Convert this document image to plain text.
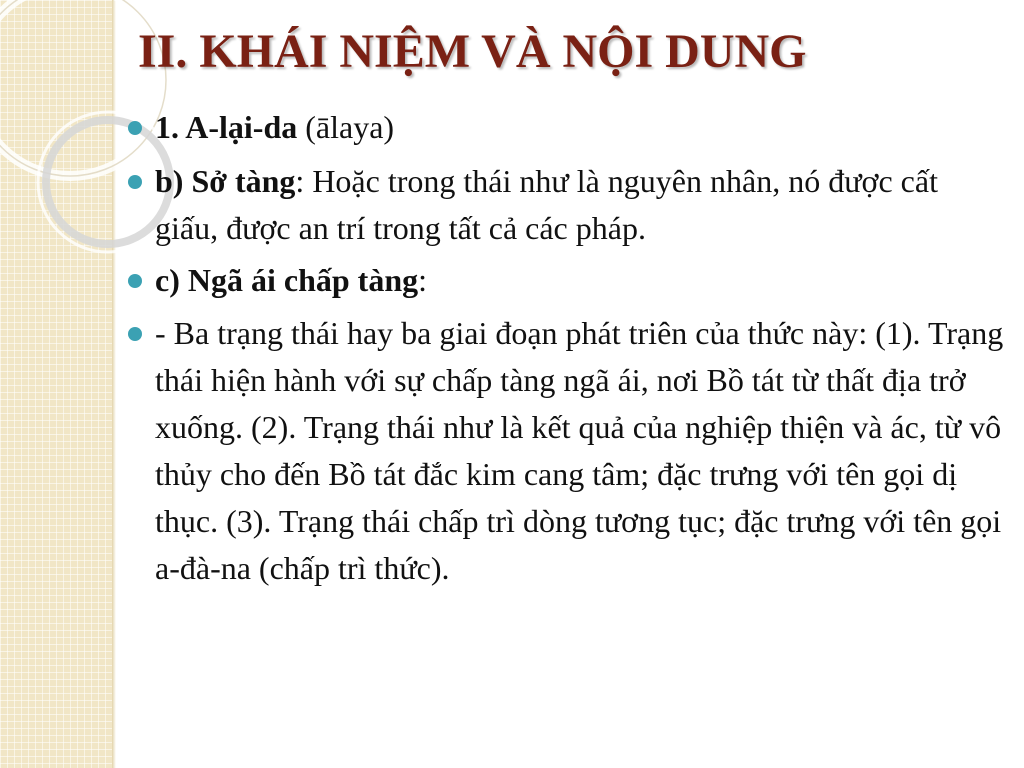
II. KHÁI NIỆM VÀ NỘI DUNG
1. A-lại-da (ālaya)
b) Sở tàng: Hoặc trong thái như là nguyên nhân, nó được cất giấu, được an trí trong tất cả các pháp.
c) Ngã ái chấp tàng:
- Ba trạng thái hay ba giai đoạn phát triên của thức này: (1). Trạng thái hiện hành với sự chấp tàng ngã ái, nơi Bồ tát từ thất địa trở xuống. (2). Trạng thái như là kết quả của nghiệp thiện và ác, từ vô thủy cho đến Bồ tát đắc kim cang tâm; đặc trưng với tên gọi dị thục. (3). Trạng thái chấp trì dòng tương tục; đặc trưng với tên gọi a-đà-na (chấp trì thức).
